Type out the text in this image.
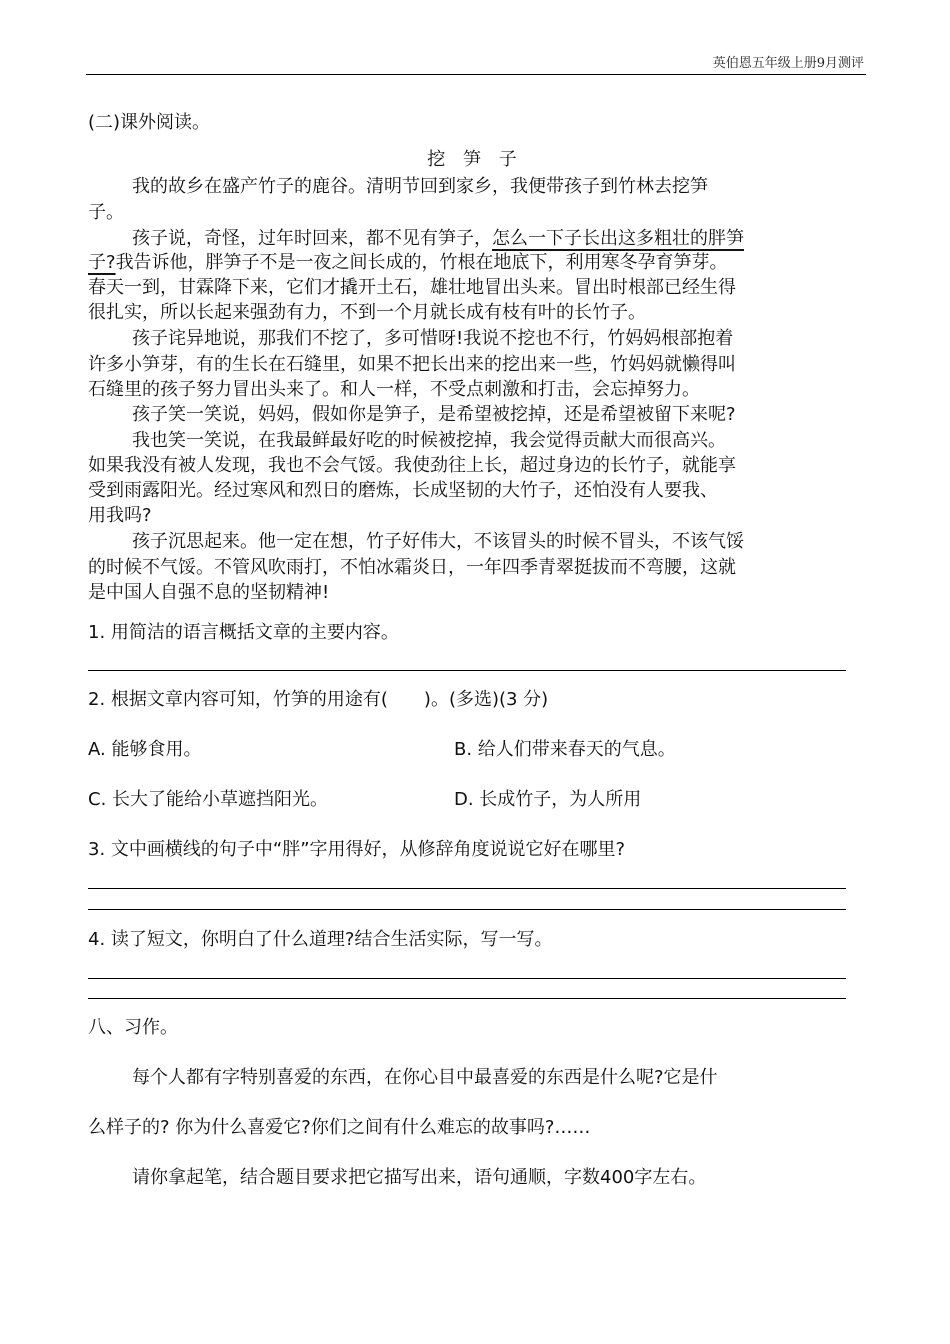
英伯恩五年级上册9月测评
(二)课外阅读。
挖 笋 子
我的故乡在盛产竹子的鹿谷。清明节回到家乡，我便带孩子到竹林去挖笋
子。
孩子说，奇怪，过年时回来，都不见有笋子，怎么一下子长出这多粗壮的胖笋
子?我告诉他，胖笋子不是一夜之间长成的，竹根在地底下，利用寒冬孕育笋芽。
春天一到，甘霖降下来，它们才撬开土石，雄壮地冒出头来。冒出时根部已经生得
很扎实，所以长起来强劲有力，不到一个月就长成有枝有叶的长竹子。
孩子诧异地说，那我们不挖了，多可惜呀!我说不挖也不行，竹妈妈根部抱着
许多小笋芽，有的生长在石缝里，如果不把长出来的挖出来一些，竹妈妈就懒得叫
石缝里的孩子努力冒出头来了。和人一样，不受点刺激和打击，会忘掉努力。
孩子笑一笑说，妈妈，假如你是笋子，是希望被挖掉，还是希望被留下来呢?
我也笑一笑说，在我最鲜最好吃的时候被挖掉，我会觉得贡献大而很高兴。
如果我没有被人发现，我也不会气馁。我使劲往上长，超过身边的长竹子，就能享
受到雨露阳光。经过寒风和烈日的磨炼，长成坚韧的大竹子，还怕没有人要我、
用我吗?
孩子沉思起来。他一定在想，竹子好伟大，不该冒头的时候不冒头，不该气馁
的时候不气馁。不管风吹雨打，不怕冰霜炎日，一年四季青翠挺拔而不弯腰，这就
是中国人自强不息的坚韧精神!
1. 用简洁的语言概括文章的主要内容。
2. 根据文章内容可知，竹笋的用途有(　　)。(多选)(3 分)
A. 能够食用。	B. 给人们带来春天的气息。
C. 长大了能给小草遮挡阳光。	D. 长成竹子，为人所用
3. 文中画横线的句子中“胖”字用得好，从修辞角度说说它好在哪里?
4. 读了短文，你明白了什么道理?结合生活实际，写一写。
八、习作。
每个人都有字特别喜爱的东西，在你心目中最喜爱的东西是什么呢?它是什
么样子的? 你为什么喜爱它?你们之间有什么难忘的故事吗?……
请你拿起笔，结合题目要求把它描写出来，语句通顺，字数400字左右。
